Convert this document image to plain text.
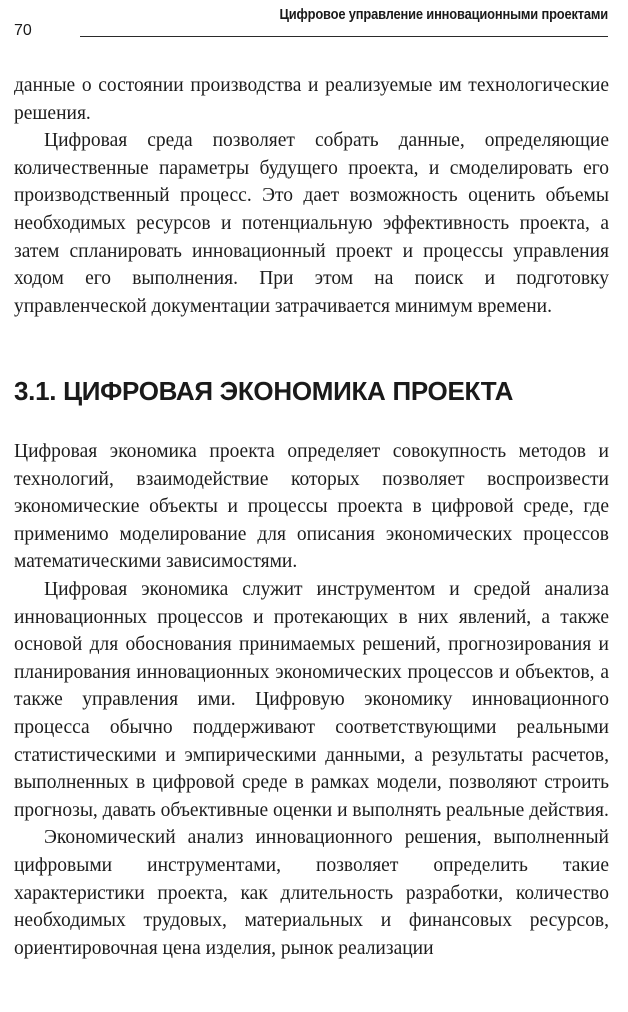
70
Цифровое управление инновационными проектами

данные о состоянии производства и реализуемые им технологические решения.

Цифровая среда позволяет собрать данные, определяющие количественные параметры будущего проекта, и смоделировать его производственный процесс. Это дает возможность оценить объемы необходимых ресурсов и потенциальную эффективность проекта, а затем спланировать инновационный проект и процессы управления ходом его выполнения. При этом на поиск и подготовку управленческой документации затрачивается минимум времени.

3.1. ЦИФРОВАЯ ЭКОНОМИКА ПРОЕКТА

Цифровая экономика проекта определяет совокупность методов и технологий, взаимодействие которых позволяет воспроизвести экономические объекты и процессы проекта в цифровой среде, где применимо моделирование для описания экономических процессов математическими зависимостями.

Цифровая экономика служит инструментом и средой анализа инновационных процессов и протекающих в них явлений, а также основой для обоснования принимаемых решений, прогнозирования и планирования инновационных экономических процессов и объектов, а также управления ими. Цифровую экономику инновационного процесса обычно поддерживают соответствующими реальными статистическими и эмпирическими данными, а результаты расчетов, выполненных в цифровой среде в рамках модели, позволяют строить прогнозы, давать объективные оценки и выполнять реальные действия.

Экономический анализ инновационного решения, выполненный цифровыми инструментами, позволяет определить такие характеристики проекта, как длительность разработки, количество необходимых трудовых, материальных и финансовых ресурсов, ориентировочная цена изделия, рынок реализации
